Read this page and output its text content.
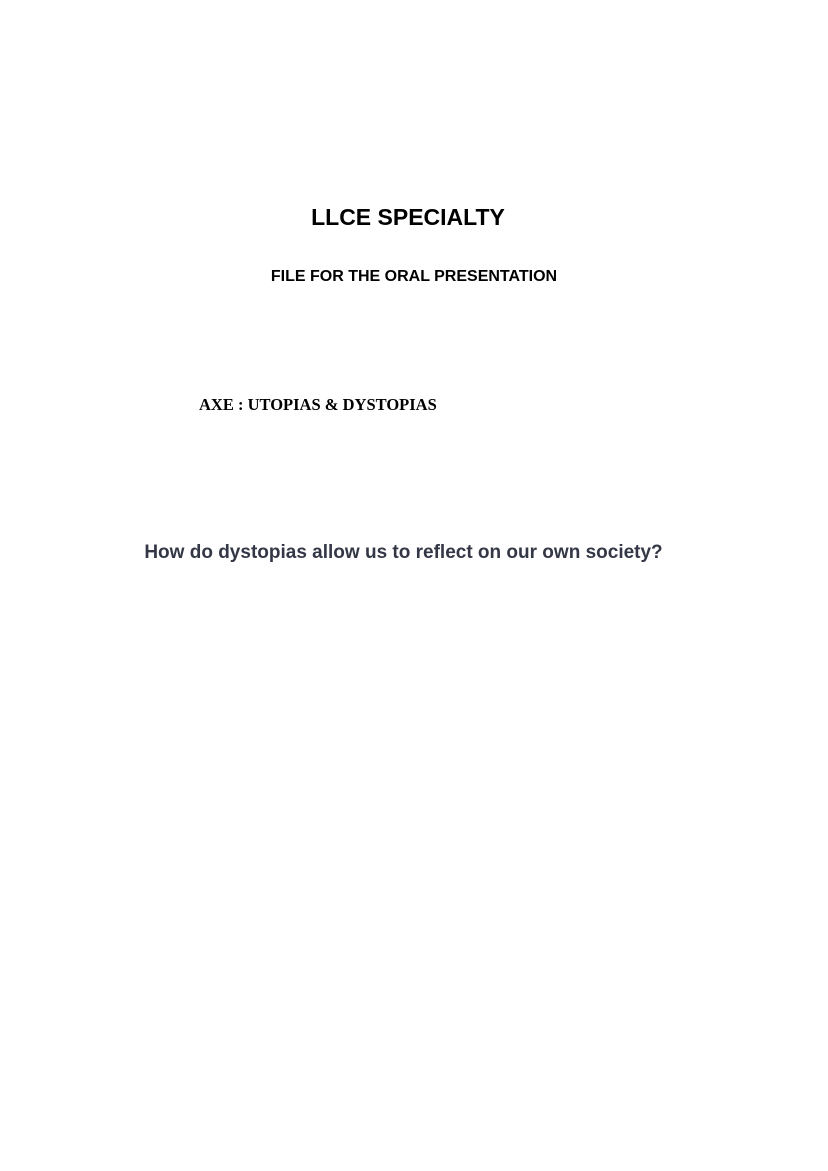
LLCE SPECIALTY
FILE FOR THE ORAL PRESENTATION

AXE : UTOPIAS & DYSTOPIAS

How do dystopias allow us to reflect on our own society?
